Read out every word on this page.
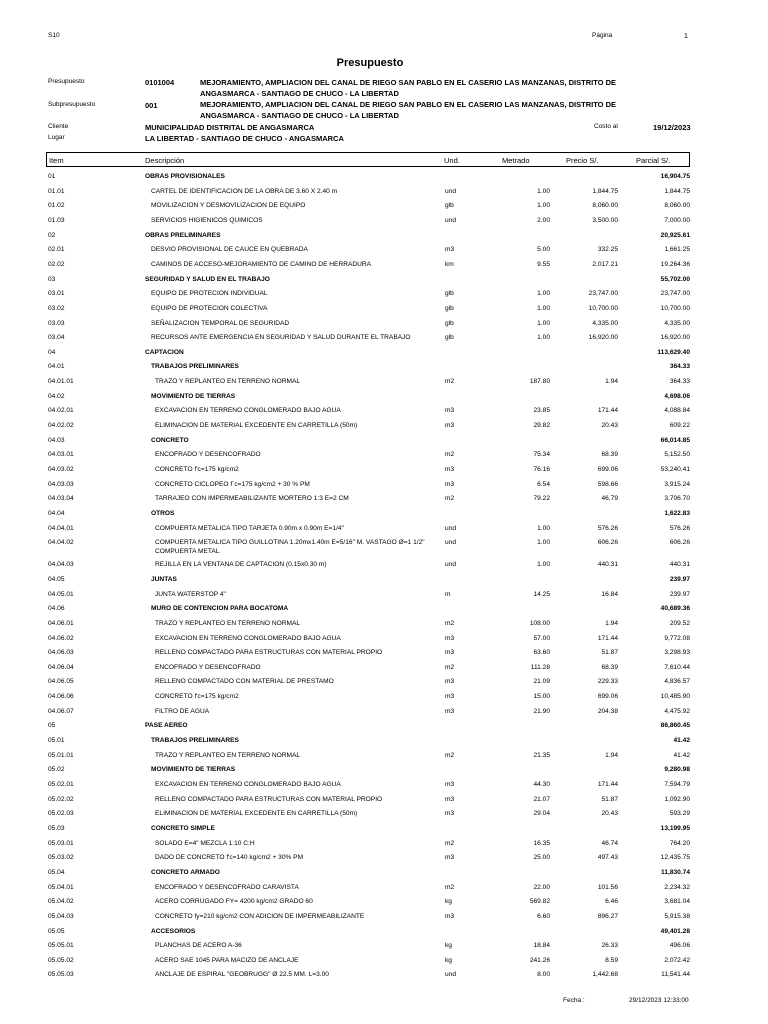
S10	Página	1
Presupuesto
Presupuesto	0101004	MEJORAMIENTO, AMPLIACION DEL CANAL DE RIEGO SAN PABLO EN EL CASERIO LAS MANZANAS, DISTRITO DE
ANGASMARCA - SANTIAGO DE CHUCO - LA LIBERTAD
Subpresupuesto	001	MEJORAMIENTO, AMPLIACION DEL CANAL DE RIEGO SAN PABLO EN EL CASERIO LAS MANZANAS, DISTRITO DE
ANGASMARCA - SANTIAGO DE CHUCO - LA LIBERTAD
Cliente	MUNICIPALIDAD DISTRITAL DE ANGASMARCA	Costo al	19/12/2023
Lugar	LA LIBERTAD - SANTIAGO DE CHUCO - ANGASMARCA
Item	Descripción	Und.	Metrado	Precio S/.	Parcial S/.
01	OBRAS PROVISIONALES	16,904.75
01.01	CARTEL DE IDENTIFICACION DE LA OBRA DE 3.60 X 2.40 m	und	1.00	1,844.75	1,844.75
01.02	MOVILIZACION Y DESMOVILIZACION DE EQUIPO	glb	1.00	8,060.00	8,060.00
01.03	SERVICIOS HIGIENICOS QUIMICOS	und	2.00	3,500.00	7,000.00
02	OBRAS PRELIMINARES	20,925.61
02.01	DESVIO PROVISIONAL DE CAUCE EN QUEBRADA	m3	5.00	332.25	1,661.25
02.02	CAMINOS DE ACCESO-MEJORAMIENTO DE CAMINO DE HERRADURA	km	9.55	2,017.21	19,264.36
03	SEGURIDAD Y SALUD EN EL TRABAJO	55,702.00
03.01	EQUIPO DE PROTECION INDIVIDUAL	glb	1.00	23,747.00	23,747.00
03.02	EQUIPO DE PROTECION COLECTIVA	glb	1.00	10,700.00	10,700.00
03.03	SEÑALIZACION TEMPORAL DE SEGURIDAD	glb	1.00	4,335.00	4,335.00
03.04	RECURSOS ANTE EMERGENCIA EN SEGURIDAD Y SALUD DURANTE EL TRABAJO	glb	1.00	16,920.00	16,920.00
04	CAPTACION	113,629.40
04.01	TRABAJOS PRELIMINARES	364.33
04.01.01	TRAZO Y REPLANTEO EN TERRENO NORMAL	m2	187.80	1.94	364.33
04.02	MOVIMIENTO DE TIERRAS	4,698.06
04.02.01	EXCAVACION EN TERRENO CONGLOMERADO BAJO AGUA	m3	23.85	171.44	4,088.84
04.02.02	ELIMINACION DE MATERIAL EXCEDENTE EN CARRETILLA (50m)	m3	29.82	20.43	609.22
04.03	CONCRETO	66,014.85
04.03.01	ENCOFRADO Y DESENCOFRADO	m2	75.34	68.39	5,152.50
04.03.02	CONCRETO f'c=175 kg/cm2	m3	76.16	699.06	53,240.41
04.03.03	CONCRETO CICLOPEO f´c=175 kg/cm2 + 30 % PM	m3	6.54	598.66	3,915.24
04.03.04	TARRAJEO CON IMPERMEABILIZANTE MORTERO 1:3 E=2 CM	m2	79.22	46.79	3,706.70
04.04	OTROS	1,622.83
04.04.01	COMPUERTA METALICA TIPO TARJETA 0.90m x 0.90m E=1/4"	und	1.00	576.26	576.26
04.04.02	COMPUERTA METALICA TIPO GUILLOTINA 1.20mx1.40m E=5/16" M. VASTAGO Ø=1 1/2" COMPUERTA METAL
und	1.00	606.26	606.26
04.04.03	REJILLA EN LA VENTANA DE CAPTACION (0.15x0.30 m)	und	1.00	440.31	440.31
04.05	JUNTAS	239.97
04.05.01	JUNTA WATERSTOP 4"	m	14.25	16.84	239.97
04.06	MURO DE CONTENCION PARA BOCATOMA	40,689.36
04.06.01	TRAZO Y REPLANTEO EN TERRENO NORMAL	m2	108.00	1.94	209.52
04.06.02	EXCAVACION EN TERRENO CONGLOMERADO BAJO AGUA	m3	57.00	171.44	9,772.08
04.06.03	RELLENO COMPACTADO PARA ESTRUCTURAS CON MATERIAL PROPIO	m3	63.60	51.87	3,298.93
04.06.04	ENCOFRADO Y DESENCOFRADO	m2	111.28	68.39	7,610.44
04.06.05	RELLENO COMPACTADO CON MATERIAL DE PRESTAMO	m3	21.09	229.33	4,836.57
04.06.06	CONCRETO f'c=175 kg/cm2	m3	15.00	699.06	10,485.90
04.06.07	FILTRO DE AGUA	m3	21.90	204.38	4,475.92
05	PASE AEREO	86,860.45
05.01	TRABAJOS PRELIMINARES	41.42
05.01.01	TRAZO Y REPLANTEO EN TERRENO NORMAL	m2	21.35	1.94	41.42
05.02	MOVIMIENTO DE TIERRAS	9,280.98
05.02.01	EXCAVACION EN TERRENO CONGLOMERADO BAJO AGUA	m3	44.30	171.44	7,594.79
05.02.02	RELLENO COMPACTADO PARA ESTRUCTURAS CON MATERIAL PROPIO	m3	21.07	51.87	1,092.90
05.02.03	ELIMINACION DE MATERIAL EXCEDENTE EN CARRETILLA (50m)	m3	29.04	20.43	593.29
05.03	CONCRETO SIMPLE	13,199.95
05.03.01	SOLADO E=4" MEZCLA 1:10 C:H	m2	16.35	46.74	764.20
05.03.02	DADO DE CONCRETO f'c=140 kg/cm2 + 30% PM	m3	25.00	497.43	12,435.75
05.04	CONCRETO ARMADO	11,830.74
05.04.01	ENCOFRADO Y DESENCOFRADO CARAVISTA	m2	22.00	101.56	2,234.32
05.04.02	ACERO CORRUGADO FY= 4200 kg/cm2 GRADO 60	kg	569.82	6.46	3,681.04
05.04.03	CONCRETO fy=210 kg/cm2 CON ADICION DE IMPERMEABILIZANTE	m3	6.60	896.27	5,915.38
05.05	ACCESORIOS	49,401.28
05.05.01	PLANCHAS DE ACERO A-36	kg	18.84	26.33	496.06
05.05.02	ACERO SAE 1045 PARA MACIZO DE ANCLAJE	kg	241.26	8.59	2,072.42
05.05.03	ANCLAJE DE ESPIRAL "GEOBRUGG" Ø 22.5 MM. L=3.00	und	8.00	1,442.68	11,541.44
Fecha :	29/12/2023 12:33:00
